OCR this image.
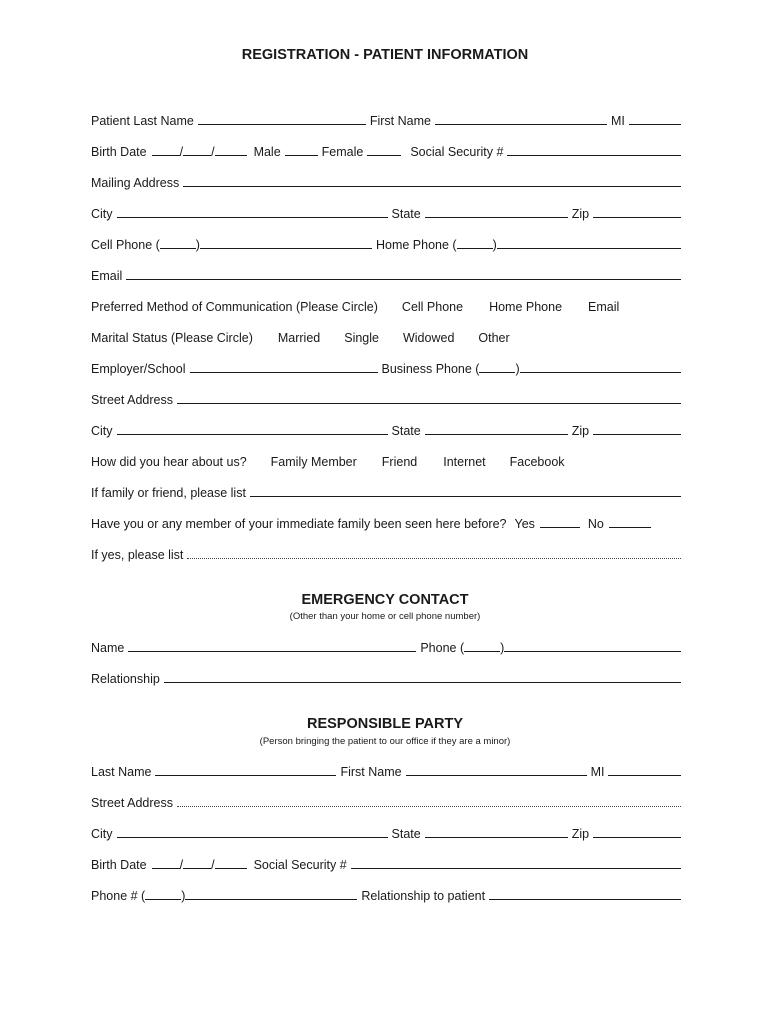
REGISTRATION - PATIENT INFORMATION
Patient Last Name	First Name	MI
Birth Date	/ /	Male	Female	Social Security #
Mailing Address
City	State	Zip
Cell Phone (	)	Home Phone (	)
Email
Preferred Method of Communication (Please Circle) Cell Phone Home Phone Email
Marital Status (Please Circle) Married Single Widowed Other
Employer/School	Business Phone (	)
Street Address
City	State	Zip
How did you hear about us? Family Member Friend Internet Facebook
If family or friend, please list
Have you or any member of your immediate family been seen here before? Yes	No
If yes, please list
EMERGENCY CONTACT
(Other than your home or cell phone number)
Name	Phone (	)
Relationship
RESPONSIBLE PARTY
(Person bringing the patient to our office if they are a minor)
Last Name	First Name	MI
Street Address
City	State	Zip
Birth Date	/ /	Social Security #
Phone # (	)	Relationship to patient
